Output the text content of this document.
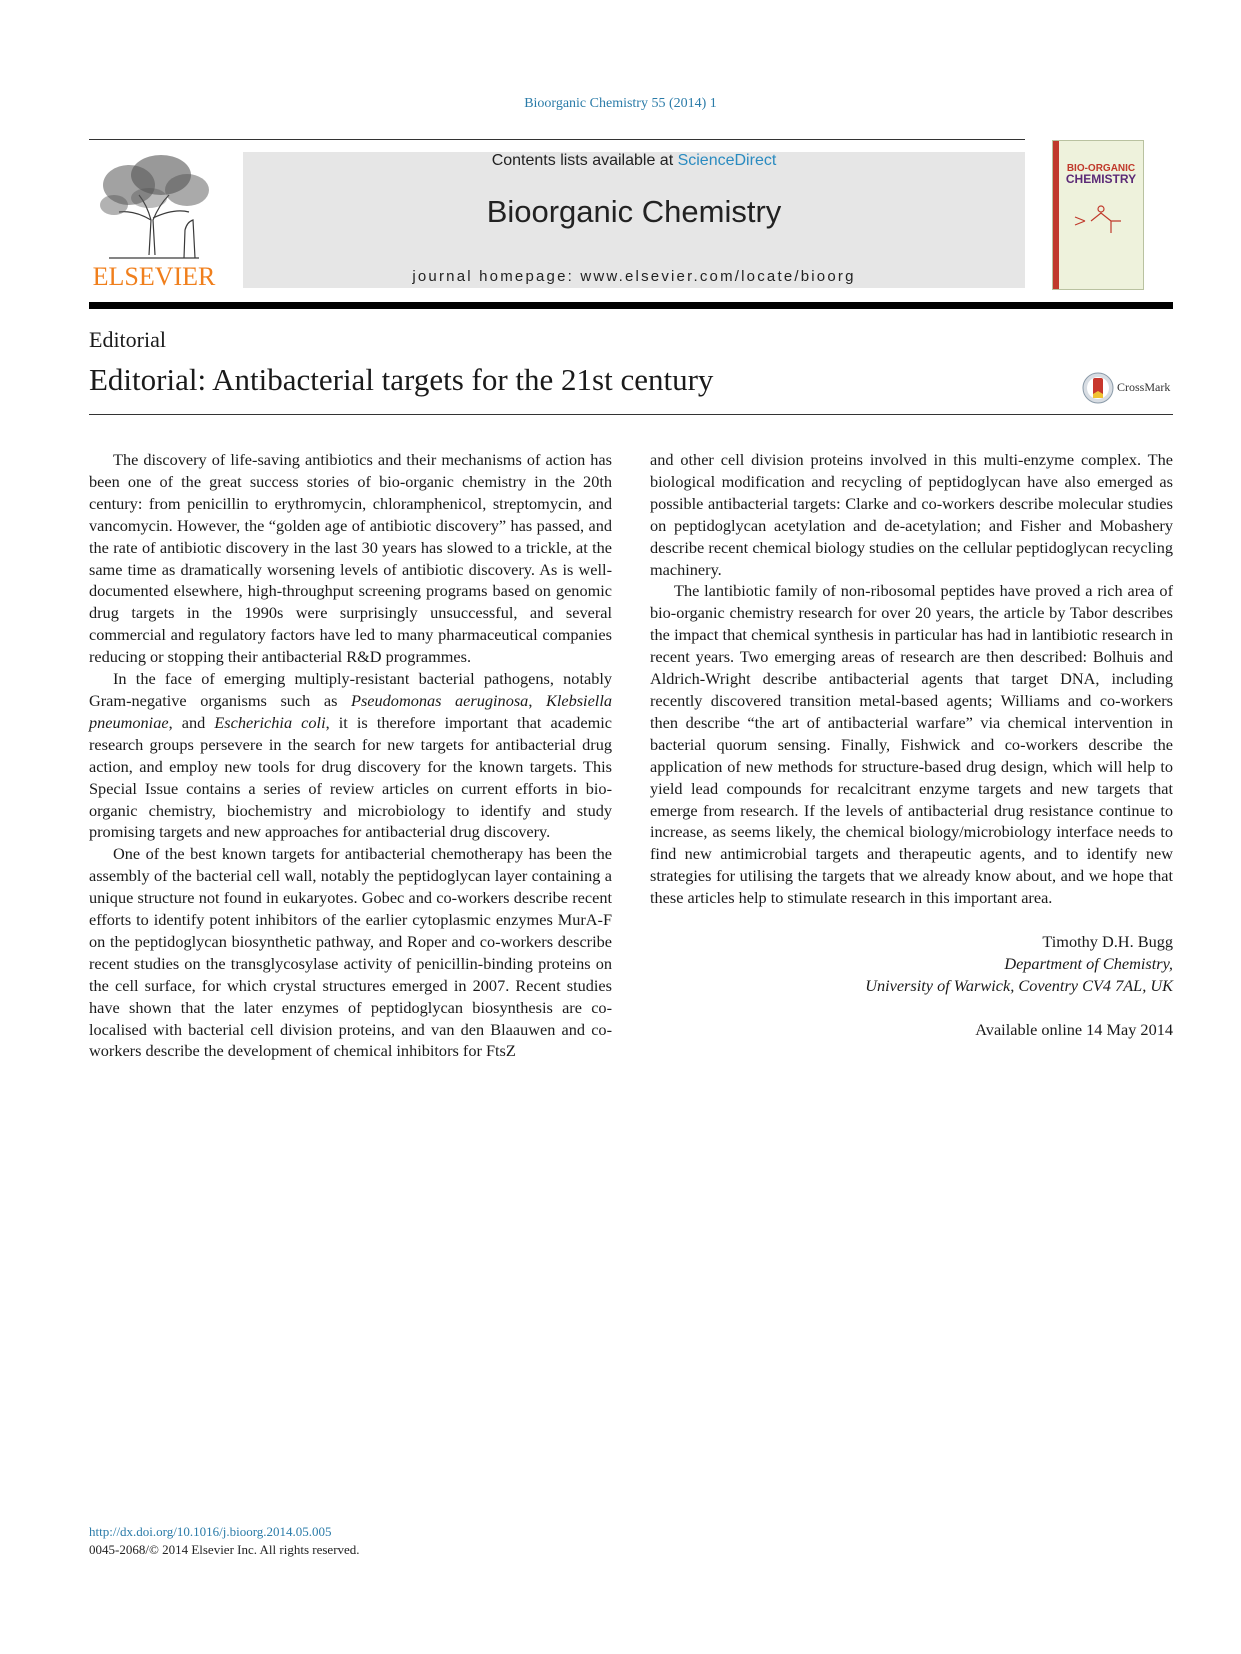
Bioorganic Chemistry 55 (2014) 1
ELSEVIER
Contents lists available at ScienceDirect
Bioorganic Chemistry
journal homepage: www.elsevier.com/locate/bioorg
BIO-ORGANIC
CHEMISTRY
Editorial
Editorial: Antibacterial targets for the 21st century	CrossMark

The discovery of life-saving antibiotics and their mechanisms of action has been one of the great success stories of bio-organic chemistry in the 20th century: from penicillin to erythromycin, chloramphenicol, streptomycin, and vancomycin. However, the “golden age of antibiotic discovery” has passed, and the rate of antibiotic discovery in the last 30 years has slowed to a trickle, at the same time as dramatically worsening levels of antibiotic discovery. As is well-documented elsewhere, high-throughput screening programs based on genomic drug targets in the 1990s were surprisingly unsuccessful, and several commercial and regulatory factors have led to many pharmaceutical companies reducing or stopping their antibacterial R&D programmes.

In the face of emerging multiply-resistant bacterial pathogens, notably Gram-negative organisms such as Pseudomonas aeruginosa, Klebsiella pneumoniae, and Escherichia coli, it is therefore important that academic research groups persevere in the search for new targets for antibacterial drug action, and employ new tools for drug discovery for the known targets. This Special Issue contains a series of review articles on current efforts in bio-organic chemistry, biochemistry and microbiology to identify and study promising targets and new approaches for antibacterial drug discovery.

One of the best known targets for antibacterial chemotherapy has been the assembly of the bacterial cell wall, notably the peptidoglycan layer containing a unique structure not found in eukaryotes. Gobec and co-workers describe recent efforts to identify potent inhibitors of the earlier cytoplasmic enzymes MurA-F on the peptidoglycan biosynthetic pathway, and Roper and co-workers describe recent studies on the transglycosylase activity of penicillin-binding proteins on the cell surface, for which crystal structures emerged in 2007. Recent studies have shown that the later enzymes of peptidoglycan biosynthesis are co-localised with bacterial cell division proteins, and van den Blaauwen and co-workers describe the development of chemical inhibitors for FtsZ

and other cell division proteins involved in this multi-enzyme complex. The biological modification and recycling of peptidoglycan have also emerged as possible antibacterial targets: Clarke and co-workers describe molecular studies on peptidoglycan acetylation and de-acetylation; and Fisher and Mobashery describe recent chemical biology studies on the cellular peptidoglycan recycling machinery.

The lantibiotic family of non-ribosomal peptides have proved a rich area of bio-organic chemistry research for over 20 years, the article by Tabor describes the impact that chemical synthesis in particular has had in lantibiotic research in recent years. Two emerging areas of research are then described: Bolhuis and Aldrich-Wright describe antibacterial agents that target DNA, including recently discovered transition metal-based agents; Williams and co-workers then describe “the art of antibacterial warfare” via chemical intervention in bacterial quorum sensing. Finally, Fishwick and co-workers describe the application of new methods for structure-based drug design, which will help to yield lead compounds for recalcitrant enzyme targets and new targets that emerge from research. If the levels of antibacterial drug resistance continue to increase, as seems likely, the chemical biology/microbiology interface needs to find new antimicrobial targets and therapeutic agents, and to identify new strategies for utilising the targets that we already know about, and we hope that these articles help to stimulate research in this important area.

Timothy D.H. Bugg
Department of Chemistry,
University of Warwick, Coventry CV4 7AL, UK
Available online 14 May 2014
http://dx.doi.org/10.1016/j.bioorg.2014.05.005
0045-2068/© 2014 Elsevier Inc. All rights reserved.
